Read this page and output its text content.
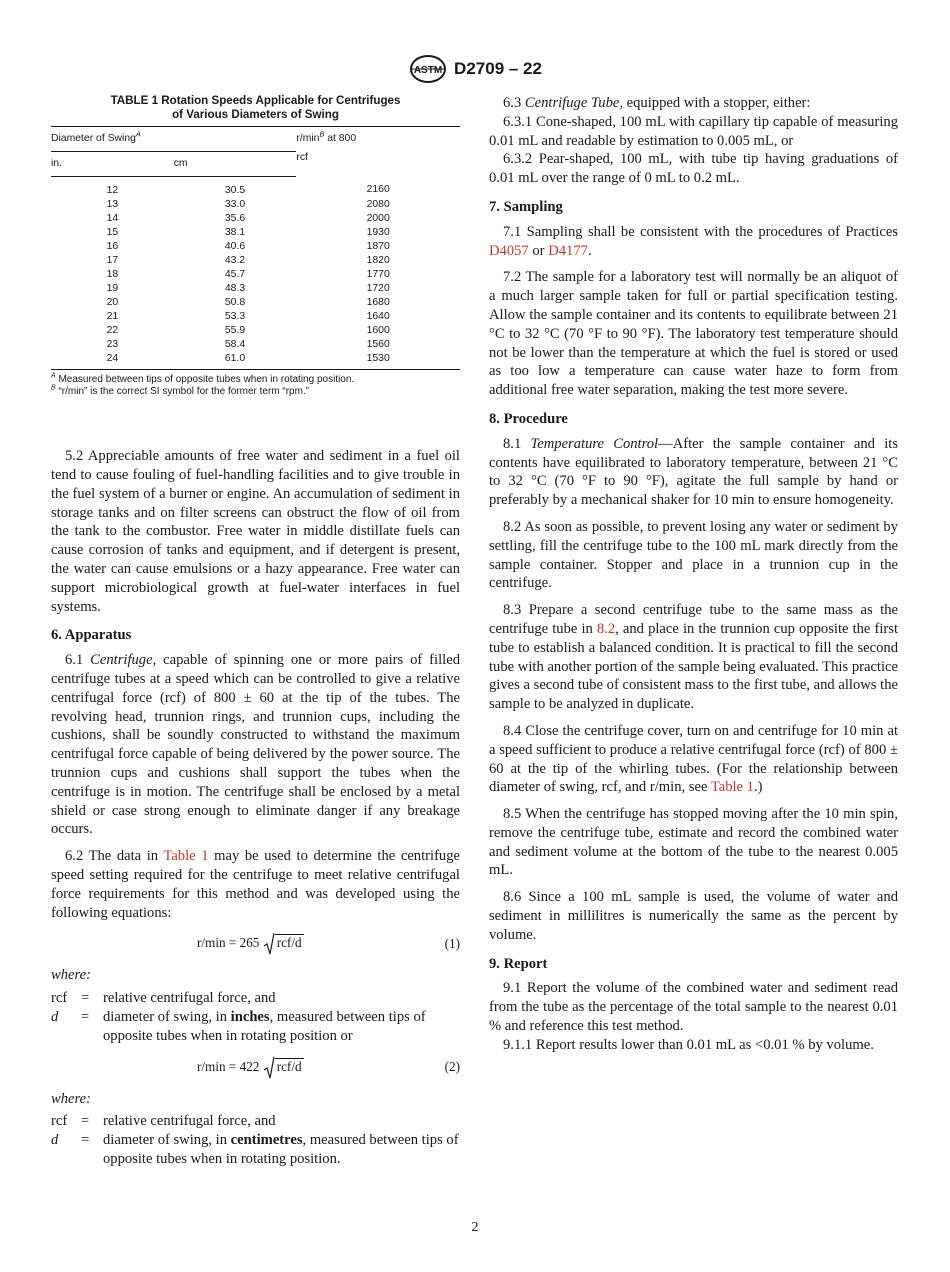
ASTM D2709 – 22
TABLE 1 Rotation Speeds Applicable for Centrifuges
of Various Diameters of Swing
Diameter of Swing$^A$		$r/\min^B$ at 800
rcf
in.	cm	
12	30.5	2160
13	33.0	2080
14	35.6	2000
15	38.1	1930
16	40.6	1870
17	43.2	1820
18	45.7	1770
19	48.3	1720
20	50.8	1680
21	53.3	1640
22	55.9	1600
23	58.4	1560
24	61.0	1530
$^A$ Measured between tips of opposite tubes when in rotating position.
$^B$ “r/min” is the correct SI symbol for the former term “rpm.”

5.2 Appreciable amounts of free water and sediment in a fuel oil tend to cause fouling of fuel-handling facilities and to give trouble in the fuel system of a burner or engine. An accumulation of sediment in storage tanks and on filter screens can obstruct the flow of oil from the tank to the combustor. Free water in middle distillate fuels can cause corrosion of tanks and equipment, and if detergent is present, the water can cause emulsions or a hazy appearance. Free water can support microbiological growth at fuel-water interfaces in fuel systems.

6. Apparatus

6.1 Centrifuge, capable of spinning one or more pairs of filled centrifuge tubes at a speed which can be controlled to give a relative centrifugal force (rcf) of 800 ± 60 at the tip of the tubes. The revolving head, trunnion rings, and trunnion cups, including the cushions, shall be soundly constructed to withstand the maximum centrifugal force capable of being delivered by the power source. The trunnion cups and cushions shall support the tubes when the centrifuge is in motion. The centrifuge shall be enclosed by a metal shield or case strong enough to eliminate danger if any breakage occurs.

6.2 The data in Table 1 may be used to determine the centrifuge speed setting required for the centrifuge to meet relative centrifugal force requirements for this method and was developed using the following equations:

r/min = 265 rcf/d	(1)

where:

rcf = relative centrifugal force, and
d	= diameter of swing, in inches, measured between tips of opposite tubes when in rotating position or
r/min = 422 rcf/d	(2)

where:

rcf = relative centrifugal force, and
d	= diameter of swing, in centimetres, measured between tips of opposite tubes when in rotating position.

6.3 Centrifuge Tube, equipped with a stopper, either:

6.3.1 Cone-shaped, 100 mL with capillary tip capable of measuring 0.01 mL and readable by estimation to 0.005 mL, or

6.3.2 Pear-shaped, 100 mL, with tube tip having graduations of 0.01 mL over the range of 0 mL to 0.2 mL.

7. Sampling

7.1 Sampling shall be consistent with the procedures of Practices D4057 or D4177.

7.2 The sample for a laboratory test will normally be an aliquot of a much larger sample taken for full or partial specification testing. Allow the sample container and its contents to equilibrate between 21 °C to 32 °C (70 °F to 90 °F). The laboratory test temperature should not be lower than the temperature at which the fuel is stored or used as too low a temperature can cause water haze to form from additional free water separation, making the test more severe.

8. Procedure

8.1 Temperature Control—After the sample container and its contents have equilibrated to laboratory temperature, between 21 °C to 32 °C (70 °F to 90 °F), agitate the full sample by hand or preferably by a mechanical shaker for 10 min to ensure homogeneity.

8.2 As soon as possible, to prevent losing any water or sediment by settling, fill the centrifuge tube to the 100 mL mark directly from the sample container. Stopper and place in a trunnion cup in the centrifuge.

8.3 Prepare a second centrifuge tube to the same mass as the centrifuge tube in 8.2, and place in the trunnion cup opposite the first tube to establish a balanced condition. It is practical to fill the second tube with another portion of the sample being evaluated. This practice gives a second tube of consistent mass to the first tube, and allows the sample to be analyzed in duplicate.

8.4 Close the centrifuge cover, turn on and centrifuge for 10 min at a speed sufficient to produce a relative centrifugal force (rcf) of 800 ± 60 at the tip of the whirling tubes. (For the relationship between diameter of swing, rcf, and r/min, see Table 1.)

8.5 When the centrifuge has stopped moving after the 10 min spin, remove the centrifuge tube, estimate and record the combined water and sediment volume at the bottom of the tube to the nearest 0.005 mL.

8.6 Since a 100 mL sample is used, the volume of water and sediment in millilitres is numerically the same as the percent by volume.

9. Report

9.1 Report the volume of the combined water and sediment read from the tube as the percentage of the total sample to the nearest 0.01 % and reference this test method.

9.1.1 Report results lower than 0.01 mL as <0.01 % by volume.

2
